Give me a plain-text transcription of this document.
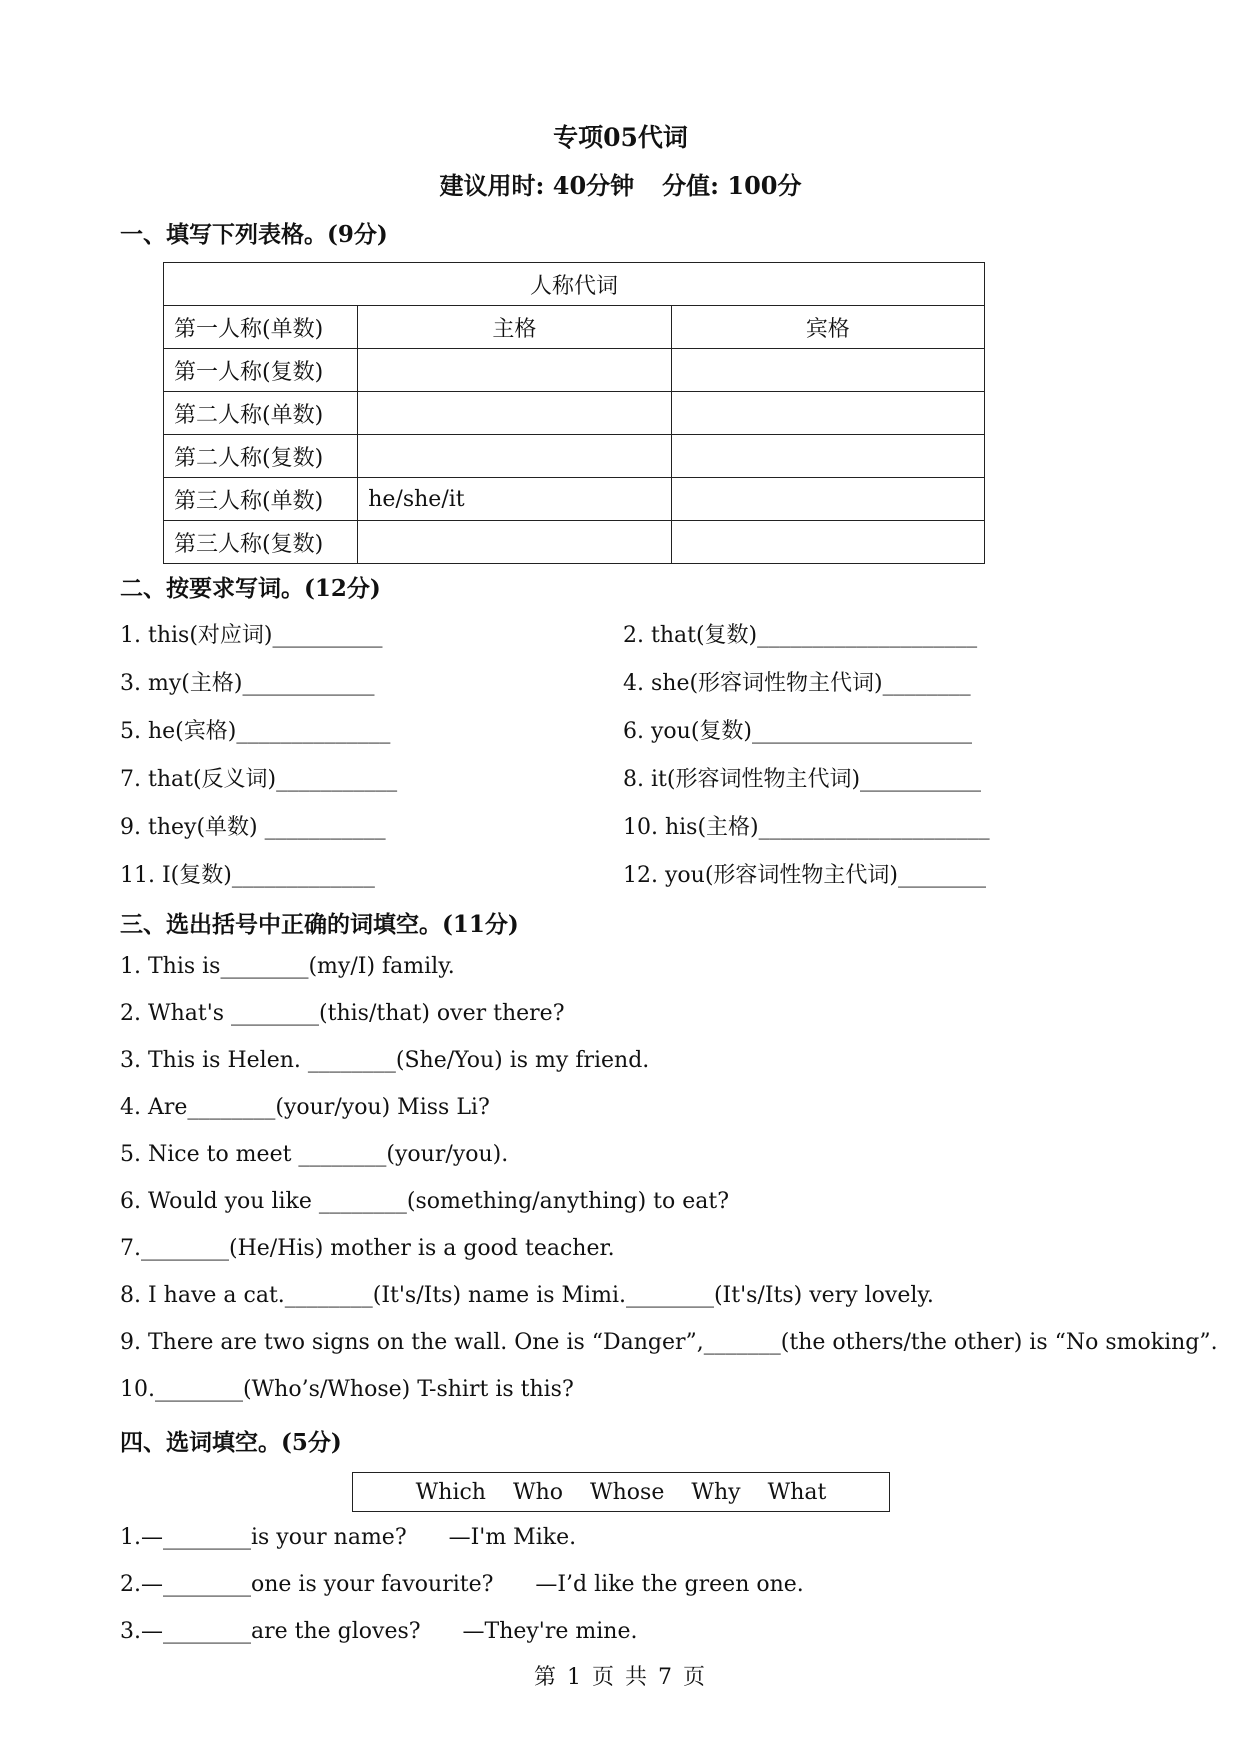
专项05代词
建议用时: 40分钟 分值: 100分
一、填写下列表格。(9分)
人称代词		
第一人称(单数)	主格	宾格
第一人称(复数)		
第二人称(单数)		
第二人称(复数)		
第三人称(单数)	he/she/it	
第三人称(复数)		
二、按要求写词。(12分)
1. this(对应词)__________	2. that(复数)____________________
3. my(主格)____________	4. she(形容词性物主代词)________
5. he(宾格)______________	6. you(复数)____________________
7. that(反义词)___________	8. it(形容词性物主代词)___________
9. they(单数) ___________	10. his(主格)_____________________
11. I(复数)_____________	12. you(形容词性物主代词)________
三、选出括号中正确的词填空。(11分)
1. This is________(my/I) family.
2. What's ________(this/that) over there?
3. This is Helen. ________(She/You) is my friend.
4. Are________(your/you) Miss Li?
5. Nice to meet ________(your/you).
6. Would you like ________(something/anything) to eat?
7.________(He/His) mother is a good teacher.
8. I have a cat.________(It's/Its) name is Mimi.________(It's/Its) very lovely.
9. There are two signs on the wall. One is “Danger”,_______(the others/the other) is “No smoking”.
10.________(Who’s/Whose) T-shirt is this?
四、选词填空。(5分)
Which Who Whose Why What
1.—________is your name?      —I'm Mike.
2.—________one is your favourite?      —I’d like the green one.
3.—________are the gloves?      —They're mine.
第 1 页 共 7 页
